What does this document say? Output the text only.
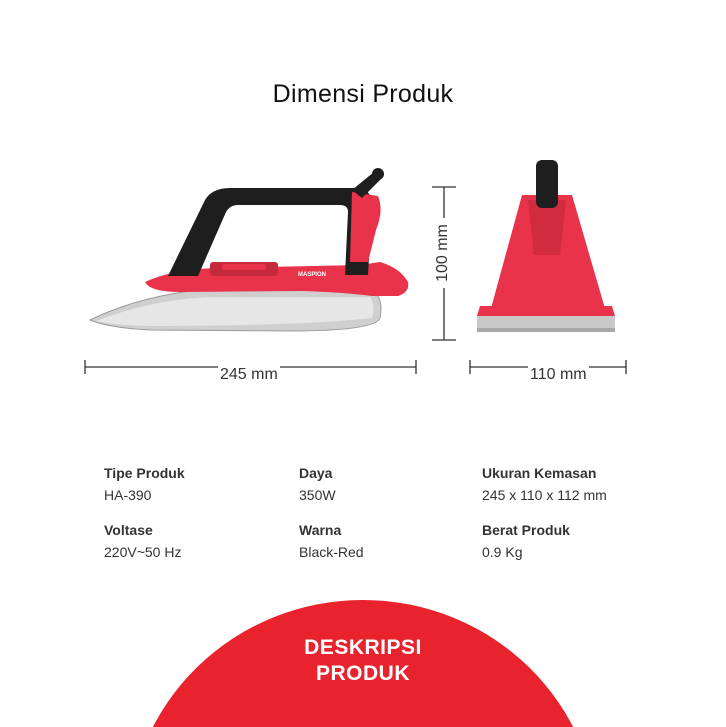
Dimensi Produk
MASPION
245 mm
100 mm
110 mm
Tipe Produk
HA-390
Daya
350W
Ukuran Kemasan
245 x 110 x 112 mm
Voltase
220V~50 Hz
Warna
Black-Red
Berat Produk
0.9 Kg
DESKRIPSI
PRODUK
